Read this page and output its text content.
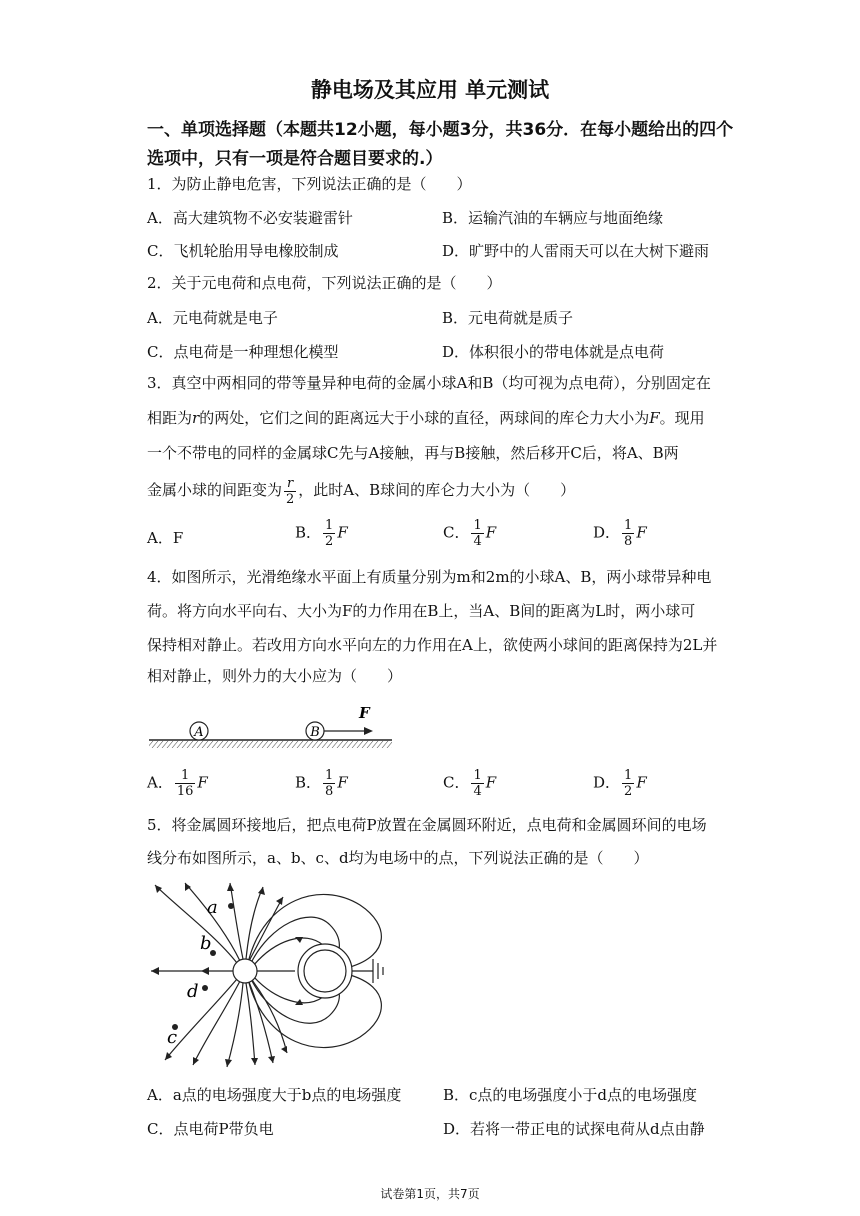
静电场及其应用 单元测试
一、单项选择题（本题共12小题，每小题3分，共36分．在每小题给出的四个选项中，只有一项是符合题目要求的.）
1．为防止静电危害，下列说法正确的是（　　）
A．高大建筑物不必安装避雷针	B．运输汽油的车辆应与地面绝缘
C．飞机轮胎用导电橡胶制成	D．旷野中的人雷雨天可以在大树下避雨
2．关于元电荷和点电荷，下列说法正确的是（　　）
A．元电荷就是电子	B．元电荷就是质子
C．点电荷是一种理想化模型	D．体积很小的带电体就是点电荷
3．真空中两相同的带等量异种电荷的金属小球A和B（均可视为点电荷），分别固定在
相距为r的两处，它们之间的距离远大于小球的直径，两球间的库仑力大小为F。现用
一个不带电的同样的金属球C先与A接触，再与B接触，然后移开C后，将A、B两
金属小球的间距变为 $\frac{r}{2}$ ，此时A、B球间的库仑力大小为（　　）
A．F	B． $\frac{1}{2}$ F	C． $\frac{1}{4}$ F	D． $\frac{1}{8}$ F
4．如图所示，光滑绝缘水平面上有质量分别为m和2m的小球A、B，两小球带异种电
荷。将方向水平向右、大小为F的力作用在B上，当A、B间的距离为L时，两小球可
保持相对静止。若改用方向水平向左的力作用在A上，欲使两小球间的距离保持为2L并
相对静止，则外力的大小应为（　　）
A	B
F
A． $\frac{1}{16}$ F	B． $\frac{1}{8}$ F	C． $\frac{1}{4}$ F	D． $\frac{1}{2}$ F
5．将金属圆环接地后，把点电荷P放置在金属圆环附近，点电荷和金属圆环间的电场
线分布如图所示，a、b、c、d均为电场中的点，下列说法正确的是（　　）
a
b
c
d
A．a点的电场强度大于b点的电场强度	B．c点的电场强度小于d点的电场强度
C．点电荷P带负电	D．若将一带正电的试探电荷从d点由静
试卷第1页，共7页
